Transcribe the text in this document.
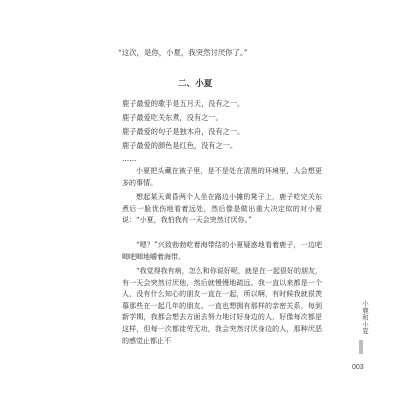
“这次，是你，小夏，我突然讨厌你了。”
二、小夏
鹿子最爱的歌手是五月天，没有之一。
鹿子最爱吃关东煮，没有之一。
鹿子最爱的句子是独木舟，没有之一。
鹿子最爱的颜色是红色，没有之一。
……
小夏把头藏在被子里，是不是处在清黑的环境里，人会想更多的事情。
想起某天黄昏两个人坐在路边小摊的凳子上，鹿子吃完关东煮后一脸优伤地看着远处，然后像是做出重大决定似的对小夏说：“小夏，我怕我有一天会突然讨厌你。”
“嗯？”兴致勃勃吃着海带结的小夏疑惑地看着鹿子，一边吧唧吧唧地嚼着海带。
“我觉得我有病，怎么和你说好呢，就是在一起很好的朋友，有一天会突然讨厌他，然后就慢慢地疏远。我一直以来都是一个人，没有什么知心的朋友一直在一起，所以啊，有时候我就很羡慕那些在一起几年的朋友。一直也想拥有那样的亲密关系，每到新学期，我都会想去方面去努力地讨好身边的人，好像每次都是这样，但每一次都徒劳无功，我会突然讨厌身边的人，那种厌恶的感觉止都止不
小鹿和小夏
003
